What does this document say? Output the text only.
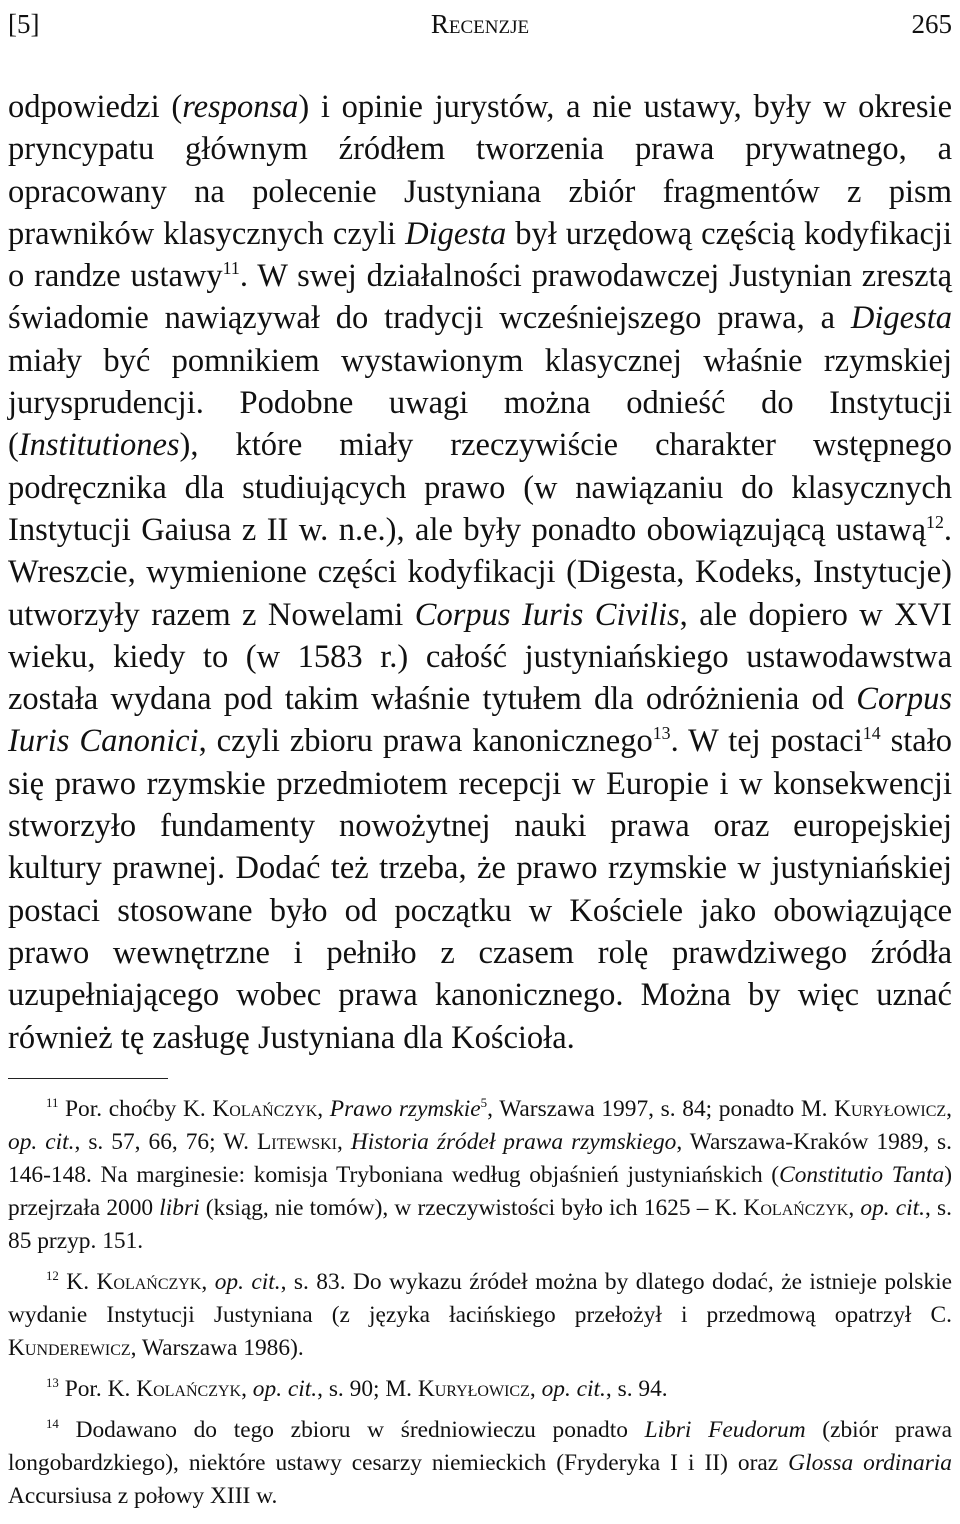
[5]	Recenzje	265

odpowiedzi (responsa) i opinie jurystów, a nie ustawy, były w okresie pryncypatu głównym źródłem tworzenia prawa prywatnego, a opracowany na polecenie Justyniana zbiór fragmentów z pism prawników klasycznych czyli Digesta był urzędową częścią kodyfikacji o randze ustawy$^{11}$. W swej działalności prawodawczej Justynian zresztą świadomie nawiązywał do tradycji wcześniejszego prawa, a Digesta miały być pomnikiem wystawionym klasycznej właśnie rzymskiej jurysprudencji. Podobne uwagi można odnieść do Instytucji (Institutiones), które miały rzeczywiście charakter wstępnego podręcznika dla studiujących prawo (w nawiązaniu do klasycznych Instytucji Gaiusa z II w. n.e.), ale były ponadto obowiązującą ustawą$^{12}$. Wreszcie, wymienione części kodyfikacji (Digesta, Kodeks, Instytucje) utworzyły razem z Nowelami Corpus Iuris Civilis, ale dopiero w XVI wieku, kiedy to (w 1583 r.) całość justyniańskiego ustawodawstwa została wydana pod takim właśnie tytułem dla odróżnienia od Corpus Iuris Canonici, czyli zbioru prawa kanonicznego$^{13}$. W tej postaci$^{14}$ stało się prawo rzymskie przedmiotem recepcji w Europie i w konsekwencji stworzyło fundamenty nowożytnej nauki prawa oraz europejskiej kultury prawnej. Dodać też trzeba, że prawo rzymskie w justyniańskiej postaci stosowane było od początku w Kościele jako obowiązujące prawo wewnętrzne i pełniło z czasem rolę prawdziwego źródła uzupełniającego wobec prawa kanonicznego. Można by więc uznać również tę zasługę Justyniana dla Kościoła.

$^{11}$ Por. choćby K. Kolańczyk, Prawo rzymskie$^5$, Warszawa 1997, s. 84; ponadto M. Kuryłowicz, op. cit., s. 57, 66, 76; W. Litewski, Historia źródeł prawa rzymskiego, Warszawa-Kraków 1989, s. 146-148. Na marginesie: komisja Trybonianа według objaśnień justyniańskich (Constitutio Tanta) przejrzała 2000 libri (ksiąg, nie tomów), w rzeczywistości było ich 1625 – K. Kolańczyk, op. cit., s. 85 przyp. 151.

$^{12}$ K. Kolańczyk, op. cit., s. 83. Do wykazu źródeł można by dlatego dodać, że istnieje polskie wydanie Instytucji Justyniana (z języka łacińskiego przełożył i przedmową opatrzył C. Kunderewicz, Warszawa 1986).

$^{13}$ Por. K. Kolańczyk, op. cit., s. 90; M. Kuryłowicz, op. cit., s. 94.

$^{14}$ Dodawano do tego zbioru w średniowieczu ponadto Libri Feudorum (zbiór prawa longobardzkiego), niektóre ustawy cesarzy niemieckich (Fryderyka I i II) oraz Glossa ordinaria Accursiusa z połowy XIII w.
